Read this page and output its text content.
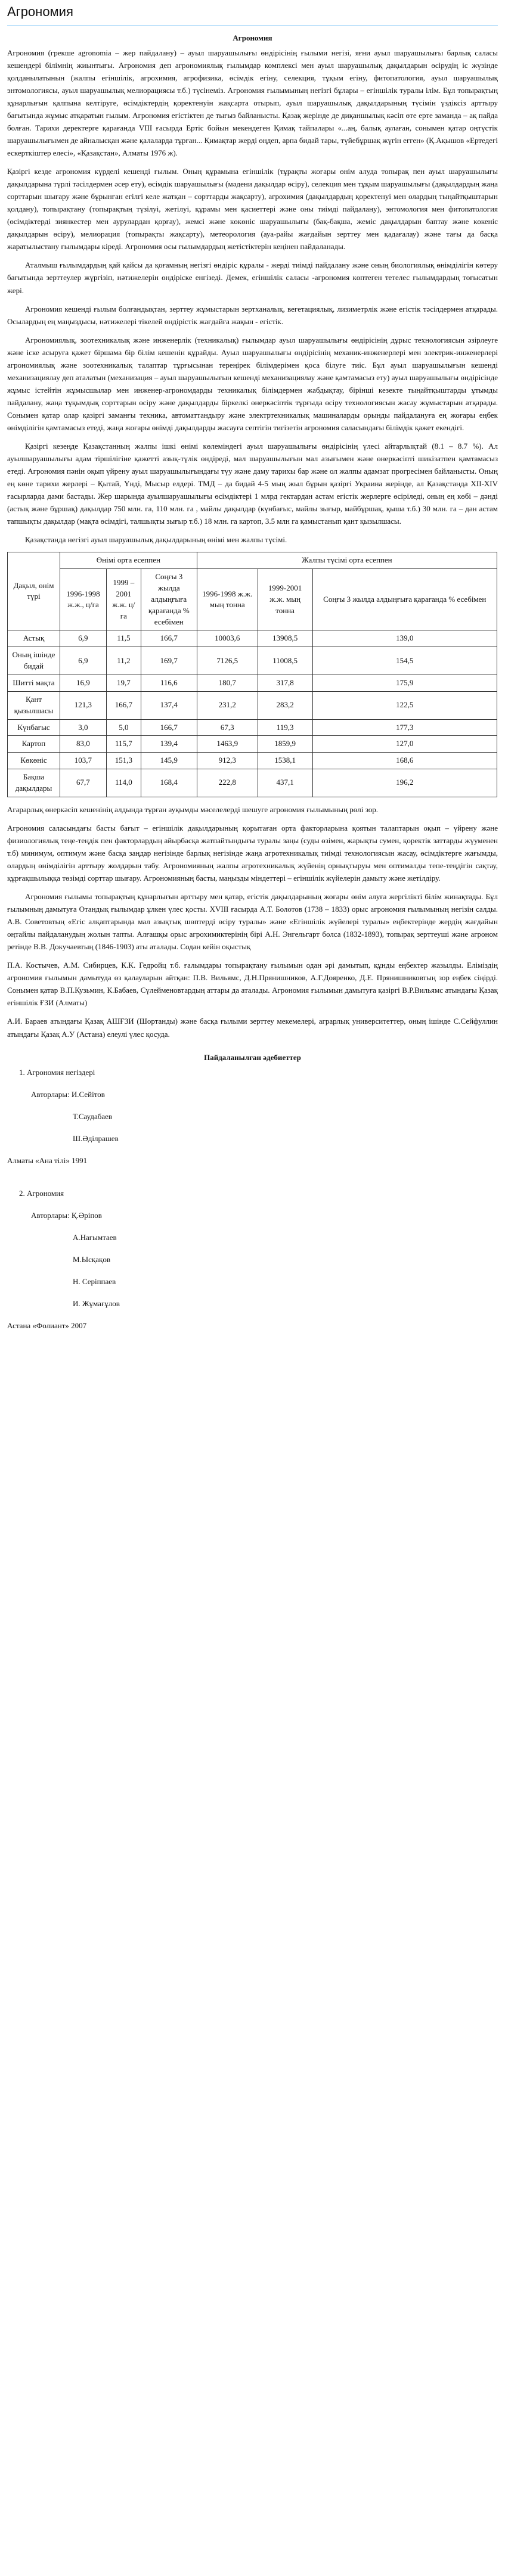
Агрономия
Агрономия

Агрономия (грекше agronomia – жер пайдалану) – ауыл шаруашылығы өндірісінің ғылыми негізі, яғни ауыл шаруашылығы барлық саласы кешендері білімнің жиынтығы. Агрономия деп агрономиялық ғылымдар комплексі мен ауыл шаруашылық дақылдарын өсірудің іс жүзінде қолданылатынын (жалпы егіншілік, агрохимия, агрофизика, өсімдік егіну, селекция, тұқым егіну, фитопатология, ауыл шаруашылық энтомологиясы, ауыл шаруашылық мелиорациясы т.б.) түсінеміз. Агрономия ғылымының негізгі бұлары – егіншілік туралы ілім. Бұл топырақтың құнарлығын қалпына келтіруге, өсімдіктердің қоректенуін жақсарта отырып, ауыл шаруашылық дақылдарының түсімін үздіксіз арттыру бағытында жұмыс атқаратын ғылым. Агрономия егістіктен де тығыз байланысты. Қазақ жерінде де диқаншылық кәсіп өте ерте заманда – ақ пайда болған. Тарихи деректерге қарағанда VIII ғасырда Ертіс бойын мекендеген Қимақ тайпалары «...аң, балық аулаған, сонымен қатар оңтүстік шаруашылығымен де айналысқан және қалаларда тұрған... Қимақтар жерді өңдеп, арпа бидай тары, түйебұршақ жүгін еғген» (Қ.Ақышов «Ертедегі ескерткіштер елесі», «Қазақстан», Алматы 1976 ж).

Қазіргі кезде агрономия күрделі кешенді ғылым. Оның құрамына егіншілік (тұрақты жоғары өнім алуда топырақ пен ауыл шаруашылығы дақылдарына түрлі тәсілдермен әсер ету), өсімдік шаруашылығы (мәдени дақылдар өсіру), селекция мен тұқым шаруашылығы (дақылдардың жаңа сорттарын шығару және бұрынған егілгі келе жатқан – сорттарды жақсарту), агрохимия (дақылдардың қоректенуі мен олардың тыңайтқыштарын қолдану), топырақтану (топырақтың түзілуі, жетілуі, құрамы мен қасиеттері және оны тиімді пайдалану), энтомология мен фитопатология (өсімдіктерді зиянкестер мен аурулардан қорғау), жемсі және көкөніс шаруашылығы (бақ-бақша, жеміс дақылдарын баптау және көкеніс дақылдарын өсіру), мелиорация (топырақты жақсарту), метеорология (ауа-райы жағдайын зерттеу мен қадағалау) және тағы да басқа жаратылыстану ғылымдары кіреді. Агрономия осы ғылымдардың жетістіктерін кеңінен пайдаланады.

Аталмыш ғылымдардың қай қайсы да қоғамның негізгі өндіріс құралы - жерді тиімді пайдалану және оның биологиялық өнімділігін көтеру бағытында зерттеулер жүргізіп, нәтижелерін өндіріске енгізеді. Демек, егіншілік саласы -агрономия көптеген тетелес ғылымдардың тоғысатын жері.

Агрономия кешенді ғылым болғандықтан, зерттеу жұмыстарын зертханалық, вегетациялық, лизиметрлік және егістік тәсілдермен атқарады. Осылардың ең маңыздысы, нәтижелері тікелей өндірістік жағдайға жақын - егістік.

Агрономиялық, зоотехникалық және инженерлік (техникалық) ғылымдар ауыл шаруашылығы өндірісінің дұрыс технологиясын әзірлеуге және іске асыруға қажет біршама бір білім кешенін құрайды. Ауыл шаруашылығы өндірісінің механик-инженерлері мен электрик-инженерлері агрономиялық және зоотехникалық талаптар тұрғысынан тереңірек білімдерімен қоса білуге тиіс. Бұл ауыл шаруашылығын кешенді механизациялау деп аталатын (механизация – ауыл шаруашылығын кешенді механизациялау және қамтамасыз ету) ауыл шаруашылығы өндірісінде жұмыс істейтін жұмысшылар мен инженер-агрономдарды техникалық білімдермен жабдықтау, бірінші кезекте тыңайтқыштарды ұтымды пайдалану, жаңа тұқымдық сорттарын өсіру және дақылдарды біркелкі өнеркәсіптік тұрғыда өсіру технологиясын жасау жұмыстарын атқарады. Сонымен қатар олар қазіргі заманғы техника, автоматтандыру және электртехникалық машиналарды орынды пайдалануға ең жоғары еңбек өнімділігін қамтамасыз етеді, жаңа жоғары өнімді дақылдарды жасауға септігін тигізетін агрономия саласындағы білімдік қажет екендігі.

Қазіргі кезеңде Қазақстанның жалпы ішкі өнімі көлеміндегі ауыл шаруашылығы өндірісінің үлесі айтарлықтай (8.1 – 8.7 %). Ал ауылшаруашылығы адам тіршілігіне қажетті азық-түлік өндіреді, мал шаруашылығын мал азығымен және өнеркәсіпті шикізатпен қамтамасыз етеді. Агрономия пәнін оқып үйрену ауыл шаруашылығындағы түу және даму тарихы бар және ол жалпы адамзат прогресімен байланысты. Оның ең көне тарихи жерлері – Қытай, Үнді, Мысыр елдері. ТМД – да бидай 4-5 мың жыл бұрын қазіргі Украина жерінде, ал Қазақстанда XII-XIV ғасырларда дами бастады. Жер шарында ауылшаруашылығы өсімдіктері 1 млрд гектардан астам егістік жерлерге өсіріледі, оның ең көбі – дәнді (астық және бұршақ) дақылдар 750 млн. га, 110 млн. га , майлы дақылдар (күнбағыс, майлы зығыр, майбұршақ, қыша т.б.) 30 млн. га – дән астам тапшықты дақылдар (мақта өсімдігі, талшықты зығыр т.б.) 18 млн. га картоп, 3.5 млн га қамыстанып қант қызылшасы.

Қазақстанда негізгі ауыл шаруашылық дақылдарының өнімі мен жалпы түсімі.

Дақыл, өнім түрі	Өнімі орта есеппен			Жалпы түсімі орта есеппен		
	1996-1998 ж.ж., ц/га	1999 – 2001 ж.ж. ц/га	Соңғы 3 жылда алдыңғыға қарағанда % есебімен	1996-1998 ж.ж. мың тонна	1999-2001 ж.ж. мың тонна	Соңғы 3 жылда алдыңғыға қарағанда % есебімен
Астық	6,9	11,5	166,7	10003,6	13908,5	139,0
Оның ішінде бидай	6,9	11,2	169,7	7126,5	11008,5	154,5
Шитті мақта	16,9	19,7	116,6	180,7	317,8	175,9
Қант қызылшасы	121,3	166,7	137,4	231,2	283,2	122,5
Күнбағыс	3,0	5,0	166,7	67,3	119,3	177,3
Картоп	83,0	115,7	139,4	1463,9	1859,9	127,0
Көкөніс	103,7	151,3	145,9	912,3	1538,1	168,6
Бақша дақылдары	67,7	114,0	168,4	222,8	437,1	196,2

Агарарлық өнеркәсіп кешенінің алдында тұрған ауқымды мәселелерді шешуге агрономия ғылымының рөлі зор.

Агрономия саласындағы басты бағыт – егіншілік дақылдарының қорытаған орта факторларына қоятын талаптарын оқып – үйрену және физиологиялық теңе-теңдік пен факторлардың айырбасқа жатпайтындығы туралы заңы (суды өзімен, жарықты сумен, қоректік заттарды жүуменен т.б) минимум, оптимум және басқа заңдар негізінде барлық негізінде жаңа агротехникалық тиімді технологиясын жасау, өсімдіктерге жағымды, олардың өнімділігін арттыру жолдарын табу. Агрономияның жалпы агротехникалық жүйенің орнықтыруы мен оптималды тепе-теңдігін сақтау, құрғақшылыққа төзімді сорттар шығару. Агрономияның басты, маңызды міндеттері – егіншілік жүйелерін дамыту және жетілдіру.

Агрономия ғылымы топырақтың құнарлығын арттыру мен қатар, егістік дақылдарының жоғары өнім алуға жергілікті білім жинақтады. Бұл ғылымның дамытуға Отандық ғылымдар ұлкен үлес қосты. XVIII ғасырда А.Т. Болотов (1738 – 1833) орыс агрономия ғылымының негізін салды. А.В. Советовтың «Егіс алқаптарында мал азықтық шөптерді өсіру туралы» және «Егіншілік жүйелері туралы» еңбектерінде жердің жағдайын оңтайлы пайдаланудың жолын тапты. Алғашқы орыс агрохимиктерінің бірі А.Н. Энгельгарт болса (1832-1893), топырақ зерттеуші және агроном ретінде В.В. Докучаевтың (1846-1903) аты аталады. Содан кейін оқыстық

П.А. Костычев, А.М. Сибирцев, К.К. Гедройц т.б. ғалымдары топырақтану ғылымын одан әрі дамытып, құнды еңбектер жазылды. Еліміздің агрономия ғылымын дамытуда өз қалауларын айтқан: П.В. Вильямс, Д.Н.Прянишников, А.Г.Дояренко, Д.Е. Прянишниковтың зор еңбек сіңірді. Сонымен қатар В.П.Кузьмин, К.Бабаев, Сүлейменовтардың аттары да аталады. Агрономия ғылымын дамытуға қазіргі В.Р.Вильямс атындағы Қазақ егіншілік ҒЗИ (Алматы)

А.И. Бараев атындағы Қазақ АШҒЗИ (Шортанды) және басқа ғылыми зерттеу мекемелері, аграрлық университеттер, оның ішінде С.Сейфуллин атындағы Қазақ А.У (Астана) елеулі үлес қосуда.

Пайдаланылған әдебиеттер
1. Агрономия негіздері
Авторлары: И.Сейітов
Т.Саудабаев
Ш.Әділрашев
Алматы «Ана тілі» 1991
2. Агрономия
Авторлары: Қ.Әріпов
А.Нағымтаев
М.Ысқақов
Н. Серіппаев
И. Жұмағұлов
Астана «Фолиант» 2007
